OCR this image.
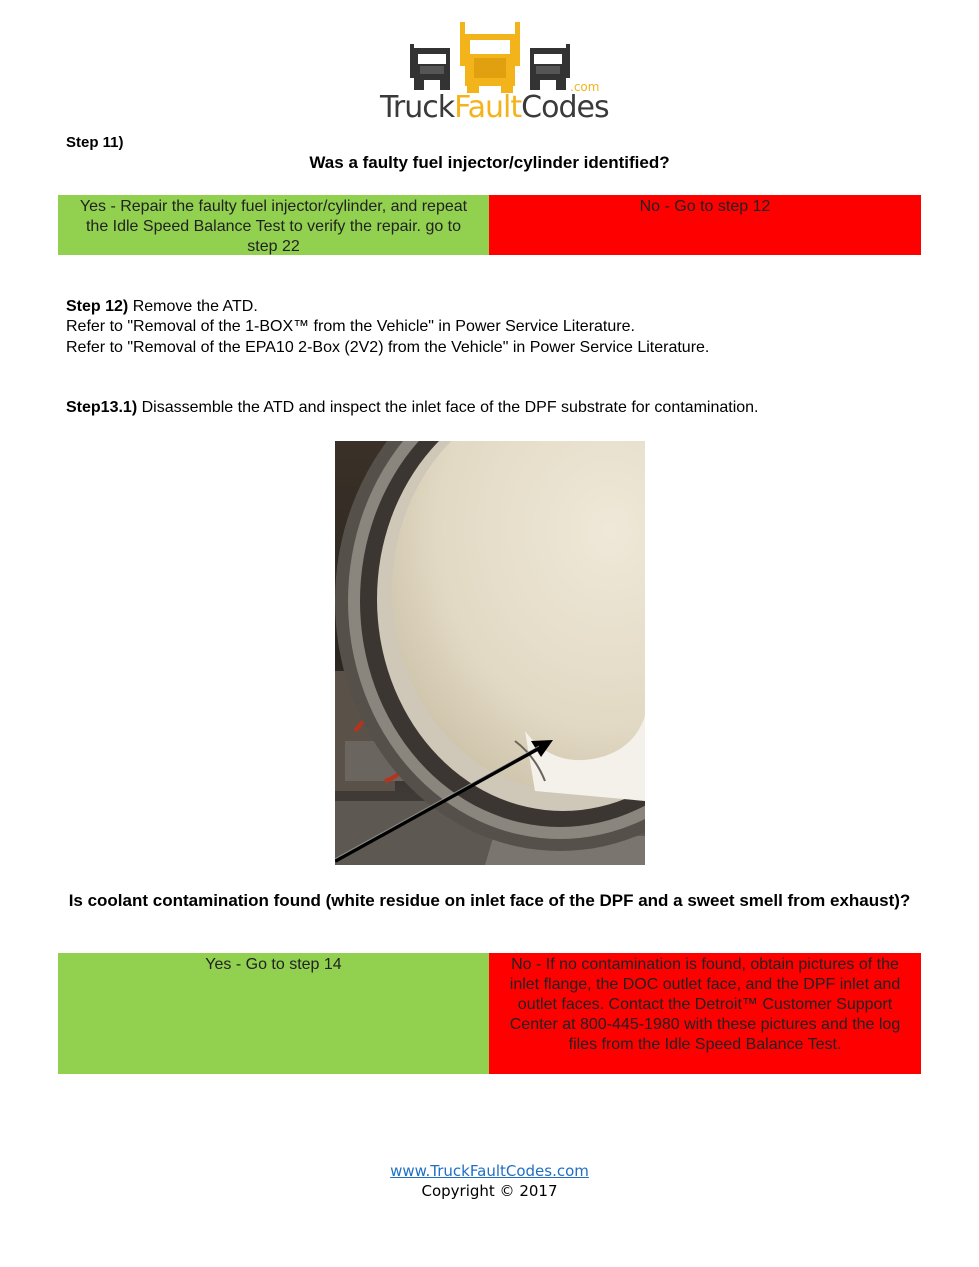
.com
TruckFaultCodes
Step 11)
Was a faulty fuel injector/cylinder identified?
Yes - Repair the faulty fuel injector/cylinder, and repeat the Idle Speed Balance Test to verify the repair. go to step 22
No - Go to step 12
Step 12) Remove the ATD.
Refer to "Removal of the 1-BOX™ from the Vehicle" in Power Service Literature.
Refer to "Removal of the EPA10 2-Box (2V2) from the Vehicle" in Power Service Literature.
Step13.1) Disassemble the ATD and inspect the inlet face of the DPF substrate for contamination.
Is coolant contamination found (white residue on inlet face of the DPF and a sweet smell from exhaust)?
Yes - Go to step 14	No - If no contamination is found, obtain pictures of the inlet flange, the DOC outlet face, and the DPF inlet and outlet faces. Contact the Detroit™ Customer Support Center at 800-445-1980 with these pictures and the log files from the Idle Speed Balance Test.
www.TruckFaultCodes.com
Copyright © 2017
